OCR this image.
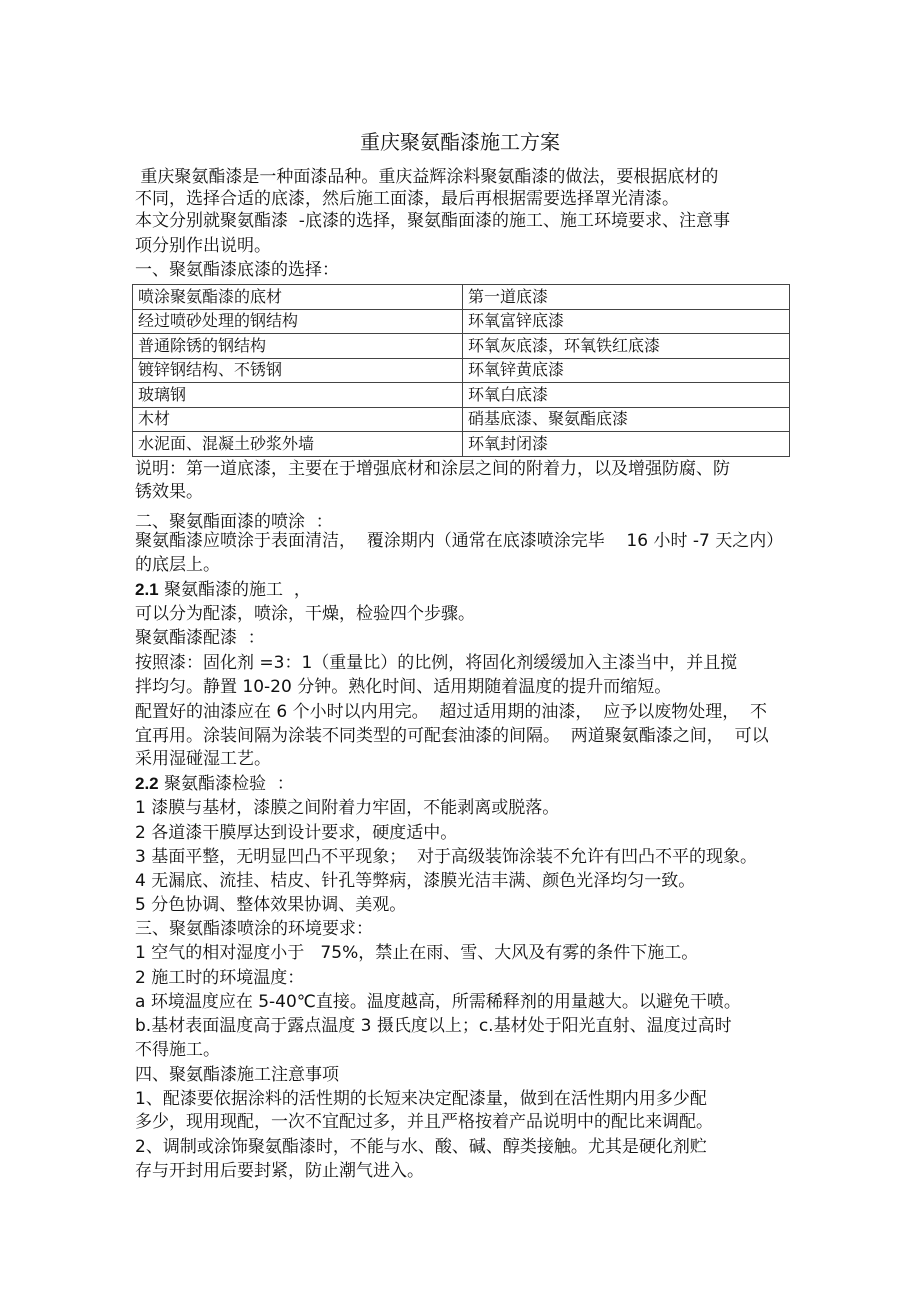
重庆聚氨酯漆施工方案
重庆聚氨酯漆是一种面漆品种。重庆益辉涂料聚氨酯漆的做法，要根据底材的
不同，选择合适的底漆，然后施工面漆，最后再根据需要选择罩光清漆。
本文分别就聚氨酯漆  -底漆的选择，聚氨酯面漆的施工、施工环境要求、注意事
项分别作出说明。
一、聚氨酯漆底漆的选择：
喷涂聚氨酯漆的底材	第一道底漆
经过喷砂处理的钢结构	环氧富锌底漆
普通除锈的钢结构	环氧灰底漆，环氧铁红底漆
镀锌钢结构、不锈钢	环氧锌黄底漆
玻璃钢	环氧白底漆
木材	硝基底漆、聚氨酯底漆
水泥面、混凝土砂浆外墙	环氧封闭漆
说明：第一道底漆，主要在于增强底材和涂层之间的附着力，以及增强防腐、防
锈效果。
二、聚氨酯面漆的喷涂  ：
聚氨酯漆应喷涂于表面清洁，  覆涂期内（通常在底漆喷涂完毕    16 小时 -7 天之内）
的底层上。
2.1 聚氨酯漆的施工  ，
可以分为配漆，喷涂，干燥，检验四个步骤。
聚氨酯漆配漆  ：
按照漆：固化剂 =3：1（重量比）的比例，将固化剂缓缓加入主漆当中，并且搅
拌均匀。静置 10-20 分钟。熟化时间、适用期随着温度的提升而缩短。
配置好的油漆应在 6 个小时以内用完。  超过适用期的油漆，  应予以废物处理，  不
宜再用。涂装间隔为涂装不同类型的可配套油漆的间隔。  两道聚氨酯漆之间，  可以
采用湿碰湿工艺。
2.2 聚氨酯漆检验  ：
1 漆膜与基材，漆膜之间附着力牢固，不能剥离或脱落。
2 各道漆干膜厚达到设计要求，硬度适中。
3 基面平整，无明显凹凸不平现象；  对于高级装饰涂装不允许有凹凸不平的现象。
4 无漏底、流挂、桔皮、针孔等弊病，漆膜光洁丰满、颜色光泽均匀一致。
5 分色协调、整体效果协调、美观。
三、聚氨酯漆喷涂的环境要求：
1 空气的相对湿度小于   75%，禁止在雨、雪、大风及有雾的条件下施工。
2 施工时的环境温度：
a 环境温度应在 5-40℃直接。温度越高，所需稀释剂的用量越大。以避免干喷。
b.基材表面温度高于露点温度 3 摄氏度以上；c.基材处于阳光直射、温度过高时
不得施工。
四、聚氨酯漆施工注意事项
1、配漆要依据涂料的活性期的长短来决定配漆量，做到在活性期内用多少配
多少，现用现配，一次不宜配过多，并且严格按着产品说明中的配比来调配。
2、调制或涂饰聚氨酯漆时，不能与水、酸、碱、醇类接触。尤其是硬化剂贮
存与开封用后要封紧，防止潮气进入。
